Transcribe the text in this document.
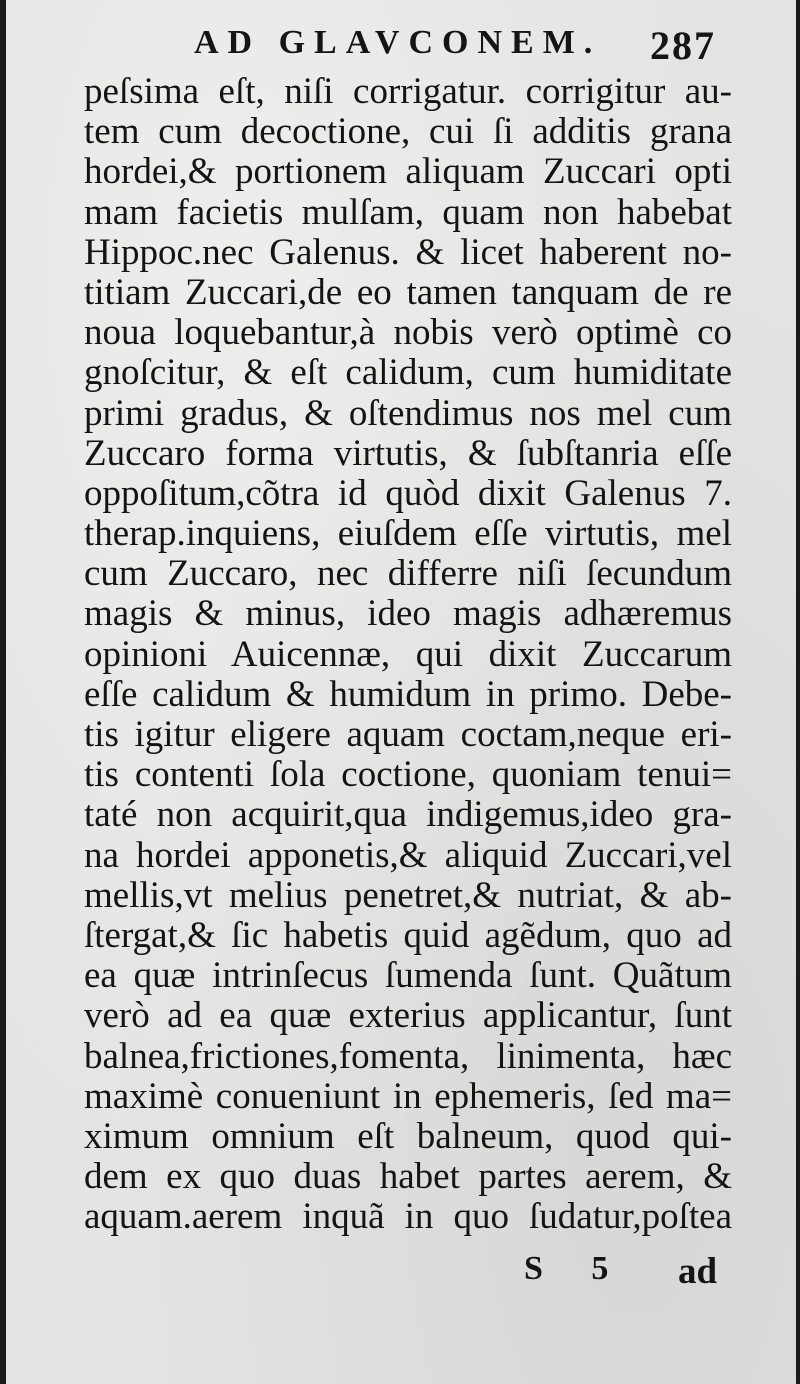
AD GLAVCONEM. 287
peſsima eſt, niſi corrigatur. corrigitur au-
tem cum decoctione, cui ſi additis grana
hordei,& portionem aliquam Zuccari opti
mam facietis mulſam, quam non habebat
Hippoc.nec Galenus. & licet haberent no-
titiam Zuccari,de eo tamen tanquam de re
noua loquebantur,à nobis verò optimè co
gnoſcitur, & eſt calidum, cum humiditate
primi gradus, & oſtendimus nos mel cum
Zuccaro forma virtutis, & ſubſtanria eſſe
oppoſitum,cõtra id quòd dixit Galenus 7.
therap.inquiens, eiuſdem eſſe virtutis, mel
cum Zuccaro, nec differre niſi ſecundum
magis & minus, ideo magis adhæremus
opinioni Auicennæ, qui dixit Zuccarum
eſſe calidum & humidum in primo. Debe-
tis igitur eligere aquam coctam,neque eri-
tis contenti ſola coctione, quoniam tenui=
taté non acquirit,qua indigemus,ideo gra-
na hordei apponetis,& aliquid Zuccari,vel
mellis,vt melius penetret,& nutriat, & ab-
ſtergat,& ſic habetis quid agẽdum, quo ad
ea quæ intrinſecus ſumenda ſunt. Quãtum
verò ad ea quæ exterius applicantur, ſunt
balnea,frictiones,fomenta, linimenta, hæc
maximè conueniunt in ephemeris, ſed ma=
ximum omnium eſt balneum, quod qui-
dem ex quo duas habet partes aerem, &
aquam.aerem inquã in quo ſudatur,poſtea
S 5 ad
